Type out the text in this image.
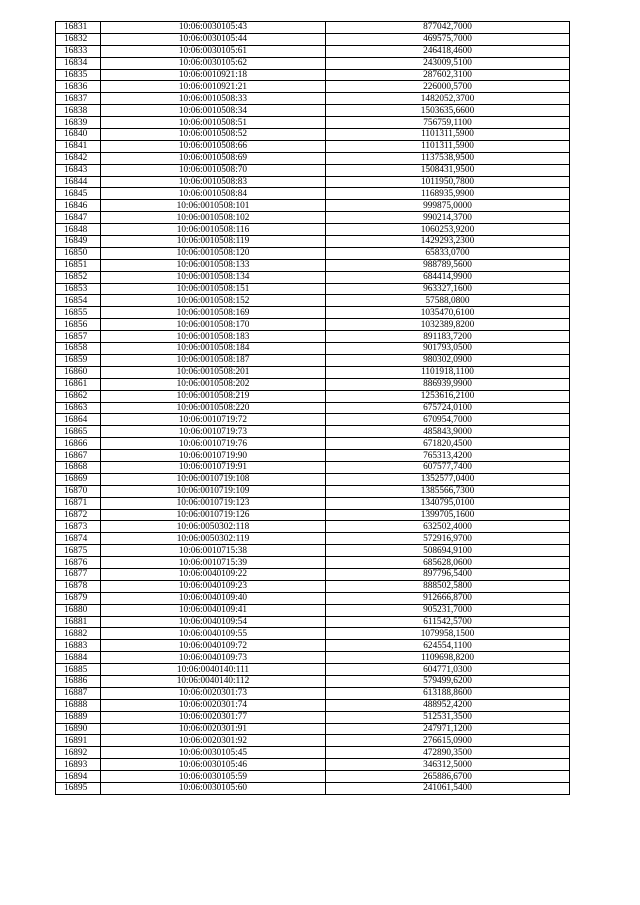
16831	10:06:0030105:43	877042,7000
16832	10:06:0030105:44	469575,7000
16833	10:06:0030105:61	246418,4600
16834	10:06:0030105:62	243009,5100
16835	10:06:0010921:18	287602,3100
16836	10:06:0010921:21	226000,5700
16837	10:06:0010508:33	1482052,3700
16838	10:06:0010508:34	1503635,6600
16839	10:06:0010508:51	756759,1100
16840	10:06:0010508:52	1101311,5900
16841	10:06:0010508:66	1101311,5900
16842	10:06:0010508:69	1137538,9500
16843	10:06:0010508:70	1508431,9500
16844	10:06:0010508:83	1011950,7800
16845	10:06:0010508:84	1168935,9900
16846	10:06:0010508:101	999875,0000
16847	10:06:0010508:102	990214,3700
16848	10:06:0010508:116	1060253,9200
16849	10:06:0010508:119	1429293,2300
16850	10:06:0010508:120	65833,0700
16851	10:06:0010508:133	988789,5600
16852	10:06:0010508:134	684414,9900
16853	10:06:0010508:151	963327,1600
16854	10:06:0010508:152	57588,0800
16855	10:06:0010508:169	1035470,6100
16856	10:06:0010508:170	1032389,8200
16857	10:06:0010508:183	891183,7200
16858	10:06:0010508:184	901793,0500
16859	10:06:0010508:187	980302,0900
16860	10:06:0010508:201	1101918,1100
16861	10:06:0010508:202	886939,9900
16862	10:06:0010508:219	1253616,2100
16863	10:06:0010508:220	675724,0100
16864	10:06:0010719:72	670954,7000
16865	10:06:0010719:73	485843,9000
16866	10:06:0010719:76	671820,4500
16867	10:06:0010719:90	765313,4200
16868	10:06:0010719:91	607577,7400
16869	10:06:0010719:108	1352577,0400
16870	10:06:0010719:109	1385566,7300
16871	10:06:0010719:123	1340795,0100
16872	10:06:0010719:126	1399705,1600
16873	10:06:0050302:118	632502,4000
16874	10:06:0050302:119	572916,9700
16875	10:06:0010715:38	508694,9100
16876	10:06:0010715:39	685628,0600
16877	10:06:0040109:22	897796,5400
16878	10:06:0040109:23	888502,5800
16879	10:06:0040109:40	912666,8700
16880	10:06:0040109:41	905231,7000
16881	10:06:0040109:54	611542,5700
16882	10:06:0040109:55	1079958,1500
16883	10:06:0040109:72	624554,1100
16884	10:06:0040109:73	1109698,8200
16885	10:06:0040140:111	604771,0300
16886	10:06:0040140:112	579499,6200
16887	10:06:0020301:73	613188,8600
16888	10:06:0020301:74	488952,4200
16889	10:06:0020301:77	512531,3500
16890	10:06:0020301:91	247971,1200
16891	10:06:0020301:92	276615,0900
16892	10:06:0030105:45	472890,3500
16893	10:06:0030105:46	346312,5000
16894	10:06:0030105:59	265886,6700
16895	10:06:0030105:60	241061,5400
